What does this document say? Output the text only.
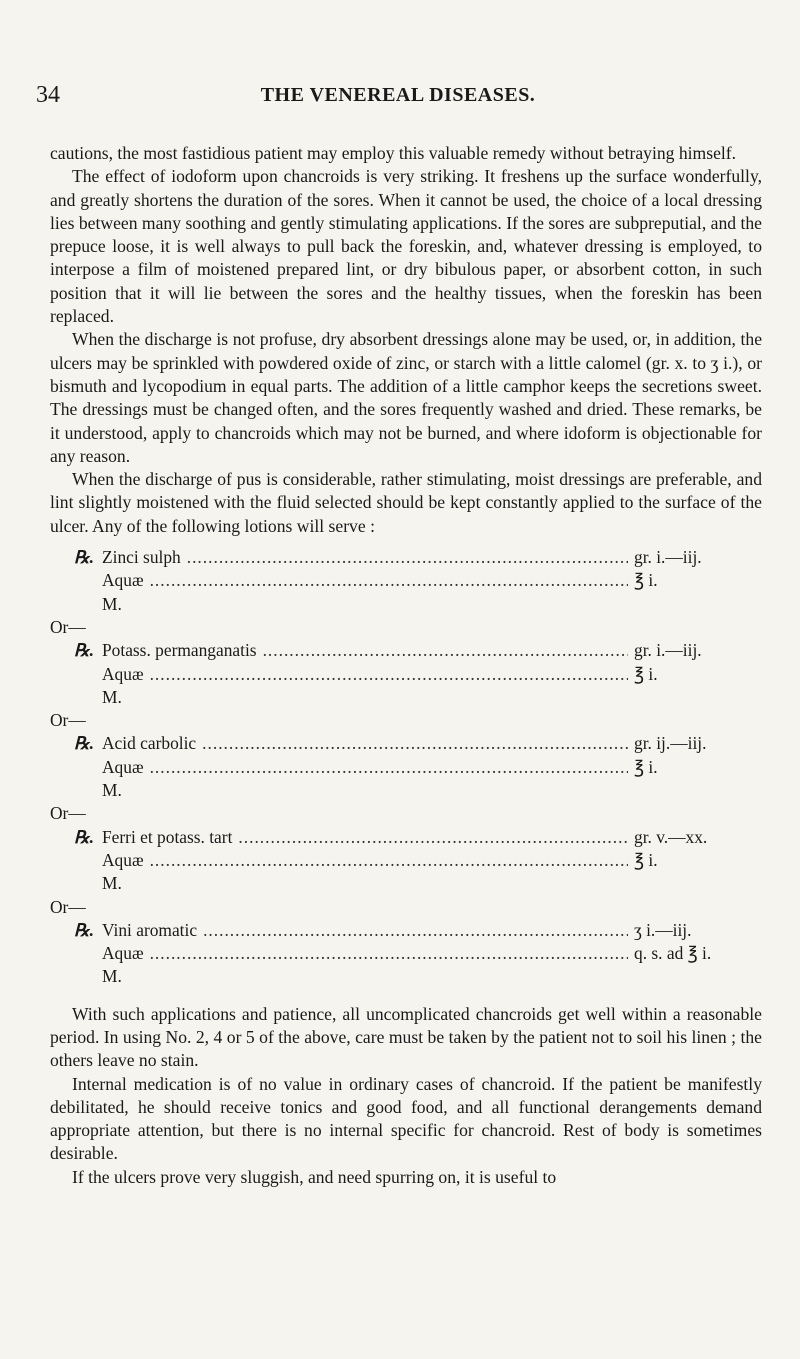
34	THE VENEREAL DISEASES.

cautions, the most fastidious patient may employ this valuable remedy without betraying himself.

The effect of iodoform upon chancroids is very striking. It freshens up the surface wonderfully, and greatly shortens the duration of the sores. When it cannot be used, the choice of a local dressing lies between many soothing and gently stimulating applications. If the sores are subpreputial, and the prepuce loose, it is well always to pull back the foreskin, and, whatever dressing is employed, to interpose a film of moistened prepared lint, or dry bibulous paper, or absorbent cotton, in such position that it will lie between the sores and the healthy tissues, when the foreskin has been replaced.

When the discharge is not profuse, dry absorbent dressings alone may be used, or, in addition, the ulcers may be sprinkled with powdered oxide of zinc, or starch with a little calomel (gr. x. to ʒ i.), or bismuth and lycopodium in equal parts. The addition of a little camphor keeps the secretions sweet. The dressings must be changed often, and the sores frequently washed and dried. These remarks, be it understood, apply to chancroids which may not be burned, and where idoform is objectionable for any reason.

When the discharge of pus is considerable, rather stimulating, moist dressings are preferable, and lint slightly moistened with the fluid selected should be kept constantly applied to the surface of the ulcer. Any of the following lotions will serve :

℞. Zinci sulph .....	gr. i.—iij.
Aquæ .....	℥ i.
M.
Or—
℞. Potass. permanganatis .....	gr. i.—iij.
Aquæ .....	℥ i.
M.
Or—
℞. Acid carbolic .....	gr. ij.—iij.
Aquæ .....	℥ i.
M.
Or—
℞. Ferri et potass. tart .....	gr. v.—xx.
Aquæ .....	℥ i.
M.
Or—
℞. Vini aromatic .....	ʒ i.—iij.
Aquæ .....	q. s. ad ℥ i.
M.

With such applications and patience, all uncomplicated chancroids get well within a reasonable period. In using No. 2, 4 or 5 of the above, care must be taken by the patient not to soil his linen ; the others leave no stain.

Internal medication is of no value in ordinary cases of chancroid. If the patient be manifestly debilitated, he should receive tonics and good food, and all functional derangements demand appropriate attention, but there is no internal specific for chancroid. Rest of body is sometimes desirable.

If the ulcers prove very sluggish, and need spurring on, it is useful to
